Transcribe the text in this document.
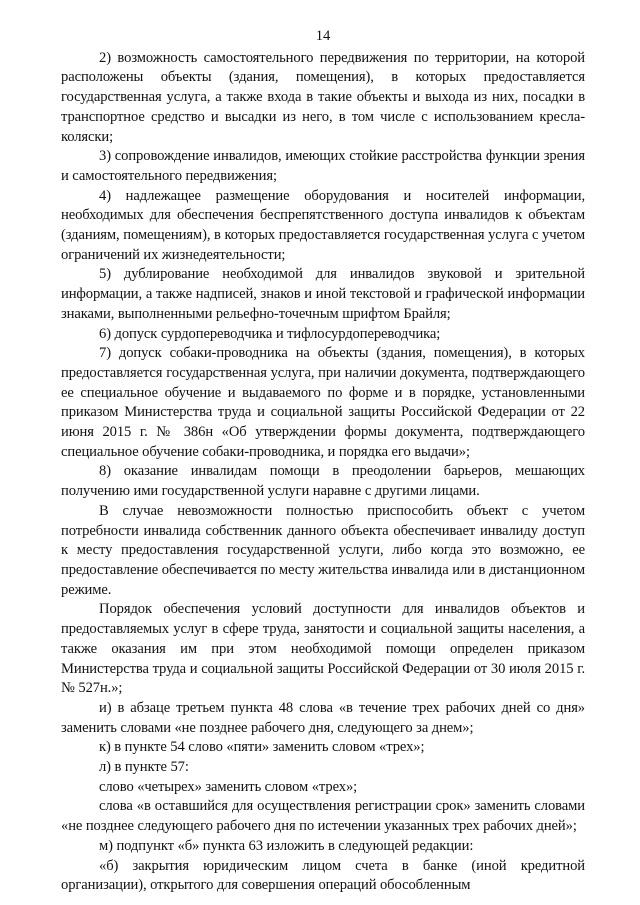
14

2) возможность самостоятельного передвижения по территории, на которой расположены объекты (здания, помещения), в которых предоставляется государственная услуга, а также входа в такие объекты и выхода из них, посадки в транспортное средство и высадки из него, в том числе с использованием кресла-коляски;

3) сопровождение инвалидов, имеющих стойкие расстройства функции зрения и самостоятельного передвижения;

4) надлежащее размещение оборудования и носителей информации, необходимых для обеспечения беспрепятственного доступа инвалидов к объектам (зданиям, помещениям), в которых предоставляется государственная услуга с учетом ограничений их жизнедеятельности;

5) дублирование необходимой для инвалидов звуковой и зрительной информации, а также надписей, знаков и иной текстовой и графической информации знаками, выполненными рельефно-точечным шрифтом Брайля;

6) допуск сурдопереводчика и тифлосурдопереводчика;

7) допуск собаки-проводника на объекты (здания, помещения), в которых предоставляется государственная услуга, при наличии документа, подтверждающего ее специальное обучение и выдаваемого по форме и в порядке, установленными приказом Министерства труда и социальной защиты Российской Федерации от 22 июня 2015 г. № 386н «Об утверждении формы документа, подтверждающего специальное обучение собаки-проводника, и порядка его выдачи»;

8) оказание инвалидам помощи в преодолении барьеров, мешающих получению ими государственной услуги наравне с другими лицами.

В случае невозможности полностью приспособить объект с учетом потребности инвалида собственник данного объекта обеспечивает инвалиду доступ к месту предоставления государственной услуги, либо когда это возможно, ее предоставление обеспечивается по месту жительства инвалида или в дистанционном режиме.

Порядок обеспечения условий доступности для инвалидов объектов и предоставляемых услуг в сфере труда, занятости и социальной защиты населения, а также оказания им при этом необходимой помощи определен приказом Министерства труда и социальной защиты Российской Федерации от 30 июля 2015 г. № 527н.»;

и) в абзаце третьем пункта 48 слова «в течение трех рабочих дней со дня» заменить словами «не позднее рабочего дня, следующего за днем»;

к) в пункте 54 слово «пяти» заменить словом «трех»;

л) в пункте 57:

слово «четырех» заменить словом «трех»;

слова «в оставшийся для осуществления регистрации срок» заменить словами «не позднее следующего рабочего дня по истечении указанных трех рабочих дней»;

м) подпункт «б» пункта 63 изложить в следующей редакции:

«б) закрытия юридическим лицом счета в банке (иной кредитной организации), открытого для совершения операций обособленным
